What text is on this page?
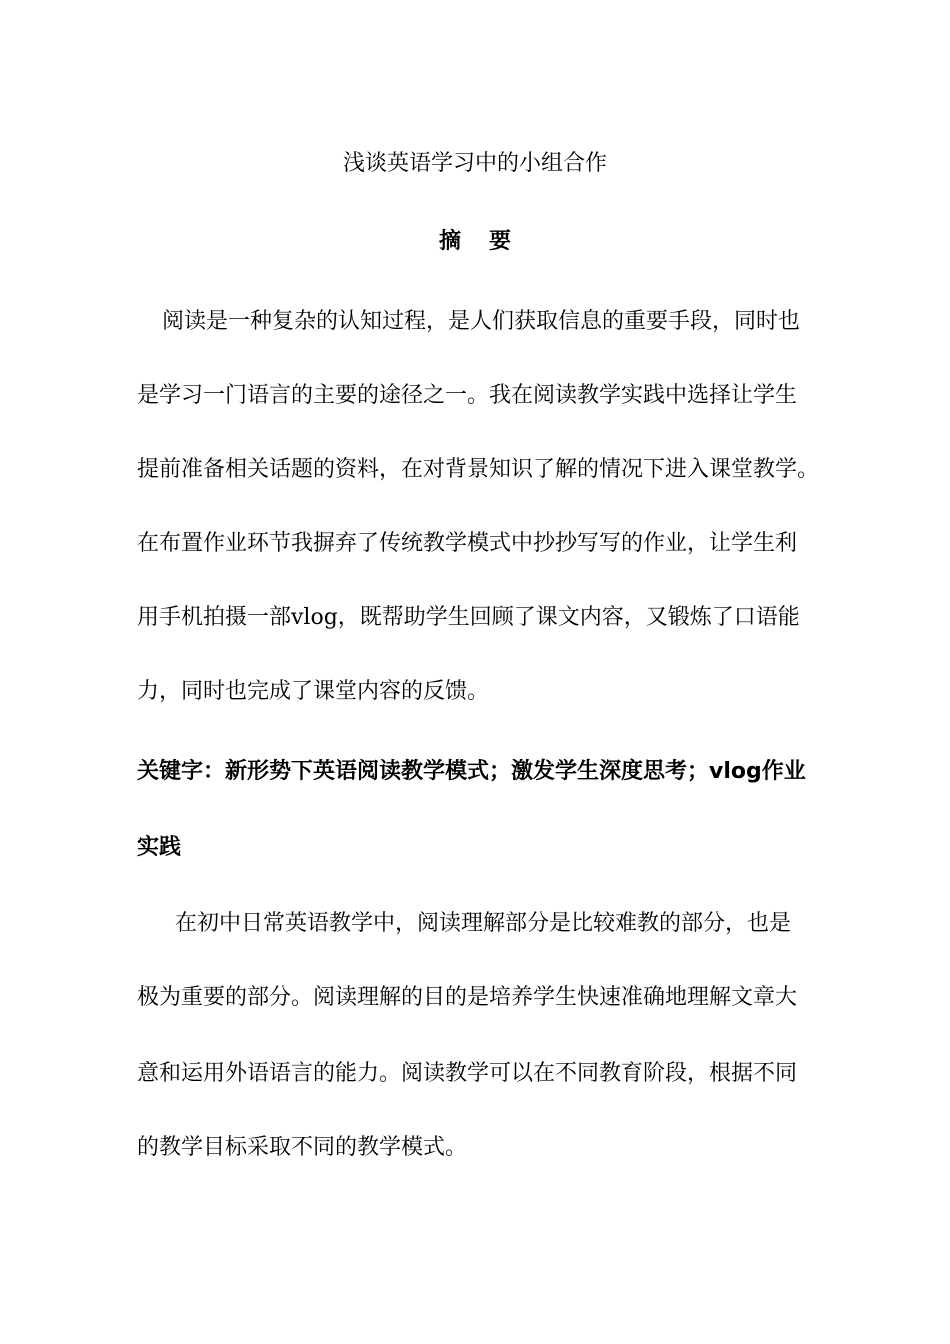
浅谈英语学习中的小组合作
摘要
阅读是一种复杂的认知过程，是人们获取信息的重要手段，同时也
是学习一门语言的主要的途径之一。我在阅读教学实践中选择让学生
提前准备相关话题的资料，在对背景知识了解的情况下进入课堂教学。
在布置作业环节我摒弃了传统教学模式中抄抄写写的作业，让学生利
用手机拍摄一部vlog，既帮助学生回顾了课文内容，又锻炼了口语能
力，同时也完成了课堂内容的反馈。
关键字：新形势下英语阅读教学模式；激发学生深度思考；vlog作业
实践
在初中日常英语教学中，阅读理解部分是比较难教的部分，也是
极为重要的部分。阅读理解的目的是培养学生快速准确地理解文章大
意和运用外语语言的能力。阅读教学可以在不同教育阶段，根据不同
的教学目标采取不同的教学模式。
